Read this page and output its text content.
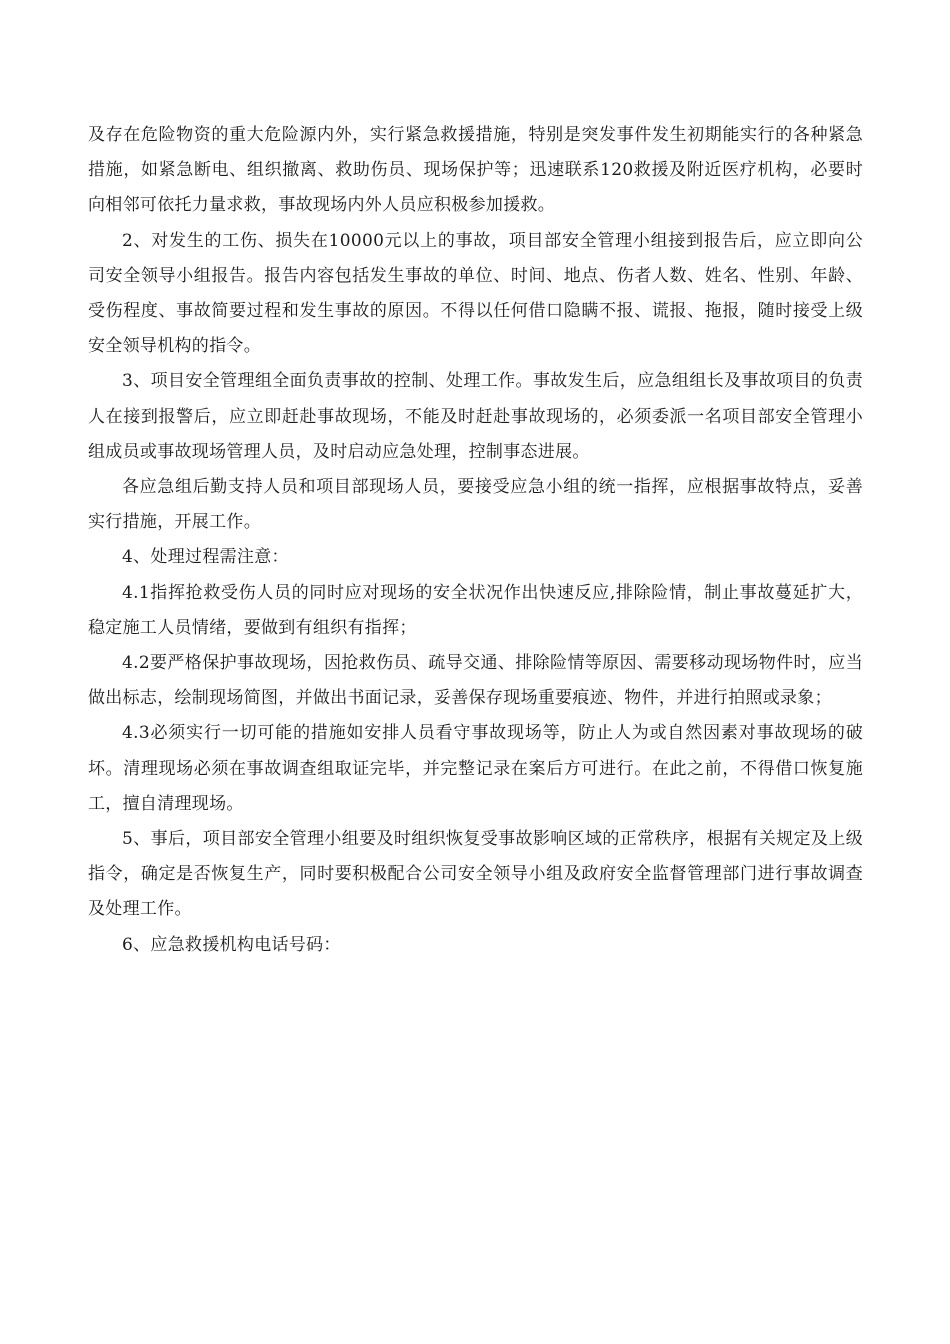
及存在危险物资的重大危险源内外，实行紧急救援措施，特别是突发事件发生初期能实行的各种紧急措施，如紧急断电、组织撤离、救助伤员、现场保护等；迅速联系120救援及附近医疗机构，必要时向相邻可依托力量求救，事故现场内外人员应积极参加援救。

2、对发生的工伤、损失在10000元以上的事故，项目部安全管理小组接到报告后，应立即向公司安全领导小组报告。报告内容包括发生事故的单位、时间、地点、伤者人数、姓名、性别、年龄、受伤程度、事故简要过程和发生事故的原因。不得以任何借口隐瞒不报、谎报、拖报，随时接受上级安全领导机构的指令。

3、项目安全管理组全面负责事故的控制、处理工作。事故发生后，应急组组长及事故项目的负责人在接到报警后，应立即赶赴事故现场，不能及时赶赴事故现场的，必须委派一名项目部安全管理小组成员或事故现场管理人员，及时启动应急处理，控制事态进展。

各应急组后勤支持人员和项目部现场人员，要接受应急小组的统一指挥，应根据事故特点，妥善实行措施，开展工作。

4、处理过程需注意：

4.1指挥抢救受伤人员的同时应对现场的安全状况作出快速反应,排除险情，制止事故蔓延扩大，稳定施工人员情绪，要做到有组织有指挥；

4.2要严格保护事故现场，因抢救伤员、疏导交通、排除险情等原因、需要移动现场物件时，应当做出标志，绘制现场简图，并做出书面记录，妥善保存现场重要痕迹、物件，并进行拍照或录象；

4.3必须实行一切可能的措施如安排人员看守事故现场等，防止人为或自然因素对事故现场的破坏。清理现场必须在事故调查组取证完毕，并完整记录在案后方可进行。在此之前，不得借口恢复施工，擅自清理现场。

5、事后，项目部安全管理小组要及时组织恢复受事故影响区域的正常秩序，根据有关规定及上级指令，确定是否恢复生产，同时要积极配合公司安全领导小组及政府安全监督管理部门进行事故调查及处理工作。

6、应急救援机构电话号码：
